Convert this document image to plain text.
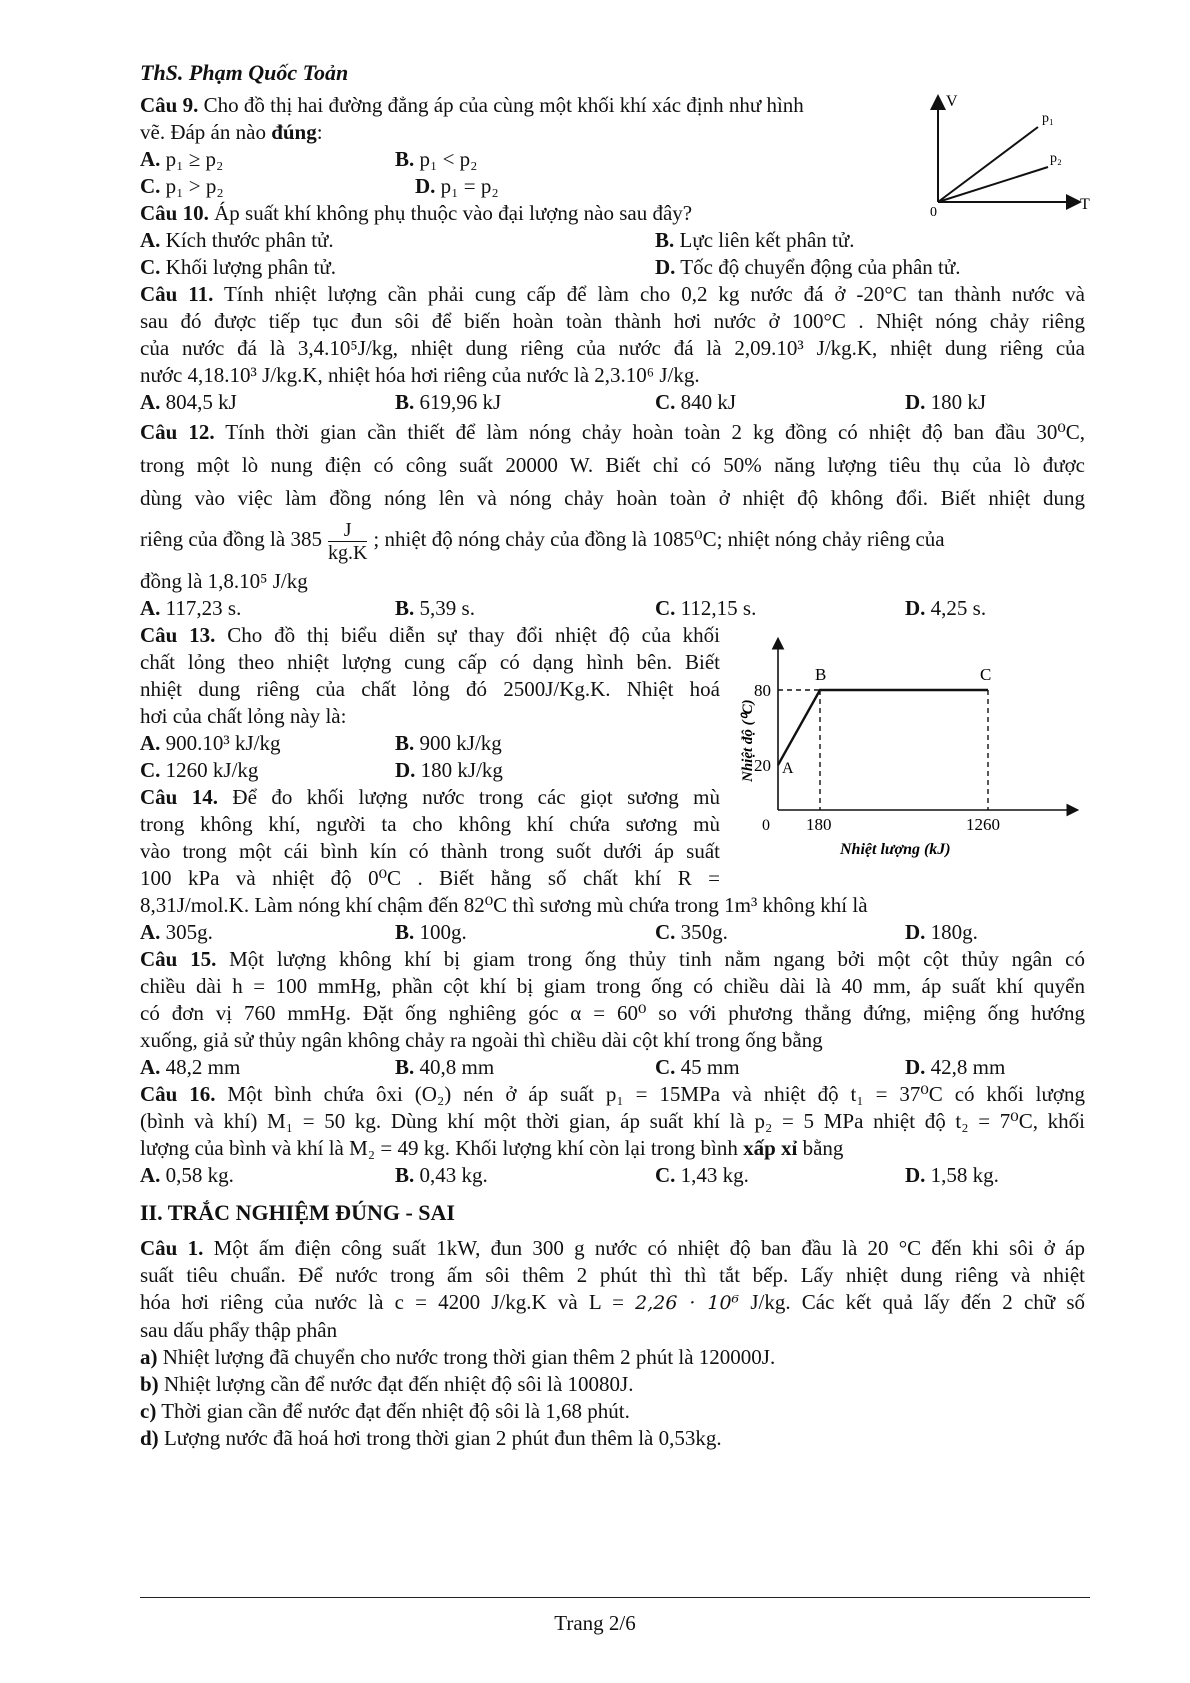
ThS. Phạm Quốc Toản
Câu 9. Cho đồ thị hai đường đẳng áp của cùng một khối khí xác định như hình
vẽ. Đáp án nào đúng:
A. p₁ ≥ p₂	B. p₁ < p₂
C. p₁ > p₂	D. p₁ = p₂
V
p₁
p₂
0	T
Câu 10. Áp suất khí không phụ thuộc vào đại lượng nào sau đây?
A. Kích thước phân tử.	B. Lực liên kết phân tử.
C. Khối lượng phân tử.	D. Tốc độ chuyển động của phân tử.
Câu 11. Tính nhiệt lượng cần phải cung cấp để làm cho 0,2 kg nước đá ở -20°C tan thành nước và
sau đó được tiếp tục đun sôi để biến hoàn toàn thành hơi nước ở 100°C . Nhiệt nóng chảy riêng
của nước đá là 3,4.10⁵J/kg, nhiệt dung riêng của nước đá là 2,09.10³ J/kg.K, nhiệt dung riêng của
nước 4,18.10³ J/kg.K, nhiệt hóa hơi riêng của nước là 2,3.10⁶ J/kg.
A. 804,5 kJ	B. 619,96 kJ	C. 840 kJ	D. 180 kJ
Câu 12. Tính thời gian cần thiết để làm nóng chảy hoàn toàn 2 kg đồng có nhiệt độ ban đầu 30⁰C,
trong một lò nung điện có công suất 20000 W. Biết chỉ có 50% năng lượng tiêu thụ của lò được
dùng vào việc làm đồng nóng lên và nóng chảy hoàn toàn ở nhiệt độ không đổi. Biết nhiệt dung
riêng của đồng là $385 \frac{J}{kg.K}$ ; nhiệt độ nóng chảy của đồng là 1085⁰C; nhiệt nóng chảy riêng của
đồng là 1,8.10⁵ J/kg
A. 117,23 s.	B. 5,39 s.	C. 112,15 s.	D. 4,25 s.
Câu 13. Cho đồ thị biểu diễn sự thay đổi nhiệt độ của khối
chất lỏng theo nhiệt lượng cung cấp có dạng hình bên. Biết
nhiệt dung riêng của chất lỏng đó 2500J/Kg.K. Nhiệt hoá
hơi của chất lỏng này là:
A. 900.10³ kJ/kg	B. 900 kJ/kg
C. 1260 kJ/kg	D. 180 kJ/kg
Câu 14. Để đo khối lượng nước trong các giọt sương mù
trong không khí, người ta cho không khí chứa sương mù
vào trong một cái bình kín có thành trong suốt dưới áp suất
100 kPa và nhiệt độ 0⁰C . Biết hằng số chất khí R =
80
20 A
B	C
0 180	1260
Nhiệt lượng (kJ)
Nhiệt độ (⁰C)
8,31J/mol.K. Làm nóng khí chậm đến 82⁰C thì sương mù chứa trong 1m³ không khí là
A. 305g.	B. 100g.	C. 350g.	D. 180g.
Câu 15. Một lượng không khí bị giam trong ống thủy tinh nằm ngang bởi một cột thủy ngân có
chiều dài h = 100 mmHg, phần cột khí bị giam trong ống có chiều dài là 40 mm, áp suất khí quyển
có đơn vị 760 mmHg. Đặt ống nghiêng góc α = 60⁰ so với phương thẳng đứng, miệng ống hướng
xuống, giả sử thủy ngân không chảy ra ngoài thì chiều dài cột khí trong ống bằng
A. 48,2 mm	B. 40,8 mm	C. 45 mm	D. 42,8 mm
Câu 16. Một bình chứa ôxi (O₂) nén ở áp suất p₁ = 15MPa và nhiệt độ t₁ = 37⁰C có khối lượng
(bình và khí) M₁ = 50 kg. Dùng khí một thời gian, áp suất khí là p₂ = 5 MPa nhiệt độ t₂ = 7⁰C, khối
lượng của bình và khí là M₂ = 49 kg. Khối lượng khí còn lại trong bình xấp xỉ bằng
A. 0,58 kg.	B. 0,43 kg.	C. 1,43 kg.	D. 1,58 kg.
II. TRẮC NGHIỆM ĐÚNG - SAI
Câu 1. Một ấm điện công suất 1kW, đun 300 g nước có nhiệt độ ban đầu là 20 °C đến khi sôi ở áp
suất tiêu chuẩn. Để nước trong ấm sôi thêm 2 phút thì thì tắt bếp. Lấy nhiệt dung riêng và nhiệt
hóa hơi riêng của nước là c = 4200 J/kg.K và L = 2,26 · 10⁶ J/kg. Các kết quả lấy đến 2 chữ số
sau dấu phẩy thập phân
a) Nhiệt lượng đã chuyển cho nước trong thời gian thêm 2 phút là 120000J.
b) Nhiệt lượng cần để nước đạt đến nhiệt độ sôi là 10080J.
c) Thời gian cần để nước đạt đến nhiệt độ sôi là 1,68 phút.
d) Lượng nước đã hoá hơi trong thời gian 2 phút đun thêm là 0,53kg.
Trang 2/6
